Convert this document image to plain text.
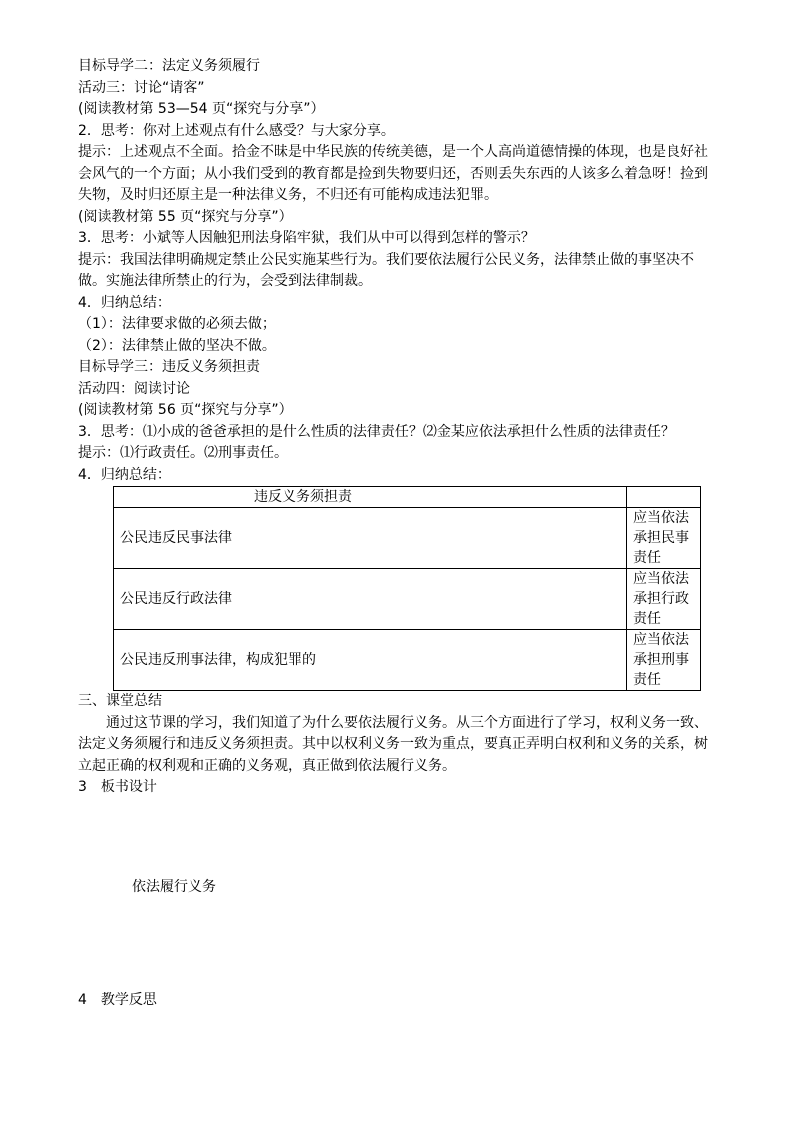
目标导学二：法定义务须履行
活动三：讨论“请客”
(阅读教材第 53—54 页“探究与分享”）
2．思考：你对上述观点有什么感受？与大家分享。
提示：上述观点不全面。拾金不昧是中华民族的传统美德，是一个人高尚道德情操的体现，也是良好社会风气的一个方面；从小我们受到的教育都是捡到失物要归还，否则丢失东西的人该多么着急呀！捡到失物，及时归还原主是一种法律义务，不归还有可能构成违法犯罪。
(阅读教材第 55 页“探究与分享”）
3．思考：小斌等人因触犯刑法身陷牢狱，我们从中可以得到怎样的警示？
提示：我国法律明确规定禁止公民实施某些行为。我们要依法履行公民义务，法律禁止做的事坚决不做。实施法律所禁止的行为，会受到法律制裁。
4．归纳总结：
（1）：法律要求做的必须去做；
（2）：法律禁止做的坚决不做。
目标导学三：违反义务须担责
活动四：阅读讨论
(阅读教材第 56 页“探究与分享”）
3．思考：⑴小成的爸爸承担的是什么性质的法律责任？⑵金某应依法承担什么性质的法律责任？
提示：⑴行政责任。⑵刑事责任。
4．归纳总结：
违反义务须担责	
公民违反民事法律	应当依法承担民事责任
公民违反行政法律	应当依法承担行政责任
公民违反刑事法律，构成犯罪的	应当依法承担刑事责任
三、课堂总结
通过这节课的学习，我们知道了为什么要依法履行义务。从三个方面进行了学习，权利义务一致、法定义务须履行和违反义务须担责。其中以权利义务一致为重点，要真正弄明白权利和义务的关系，树立起正确的权利观和正确的义务观，真正做到依法履行义务。
3　板书设计
依法履行义务
4　教学反思
